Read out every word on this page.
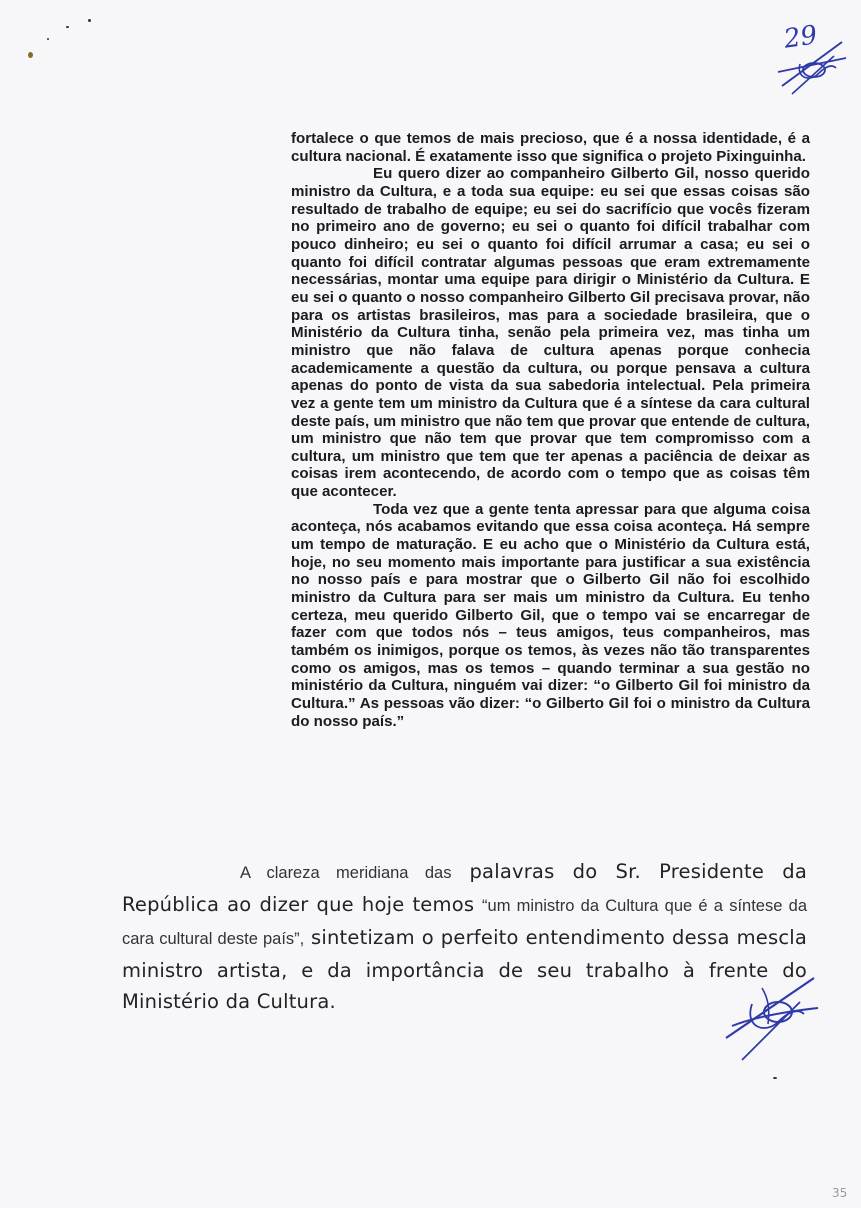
29

fortalece o que temos de mais precioso, que é a nossa identidade, é a cultura nacional. É exatamente isso que significa o projeto Pixinguinha.

Eu quero dizer ao companheiro Gilberto Gil, nosso querido ministro da Cultura, e a toda sua equipe: eu sei que essas coisas são resultado de trabalho de equipe; eu sei do sacrifício que vocês fizeram no primeiro ano de governo; eu sei o quanto foi difícil trabalhar com pouco dinheiro; eu sei o quanto foi difícil arrumar a casa; eu sei o quanto foi difícil contratar algumas pessoas que eram extremamente necessárias, montar uma equipe para dirigir o Ministério da Cultura. E eu sei o quanto o nosso companheiro Gilberto Gil precisava provar, não para os artistas brasileiros, mas para a sociedade brasileira, que o Ministério da Cultura tinha, senão pela primeira vez, mas tinha um ministro que não falava de cultura apenas porque conhecia academicamente a questão da cultura, ou porque pensava a cultura apenas do ponto de vista da sua sabedoria intelectual. Pela primeira vez a gente tem um ministro da Cultura que é a síntese da cara cultural deste país, um ministro que não tem que provar que entende de cultura, um ministro que não tem que provar que tem compromisso com a cultura, um ministro que tem que ter apenas a paciência de deixar as coisas irem acontecendo, de acordo com o tempo que as coisas têm que acontecer.

Toda vez que a gente tenta apressar para que alguma coisa aconteça, nós acabamos evitando que essa coisa aconteça. Há sempre um tempo de maturação. E eu acho que o Ministério da Cultura está, hoje, no seu momento mais importante para justificar a sua existência no nosso país e para mostrar que o Gilberto Gil não foi escolhido ministro da Cultura para ser mais um ministro da Cultura. Eu tenho certeza, meu querido Gilberto Gil, que o tempo vai se encarregar de fazer com que todos nós – teus amigos, teus companheiros, mas também os inimigos, porque os temos, às vezes não tão transparentes como os amigos, mas os temos – quando terminar a sua gestão no ministério da Cultura, ninguém vai dizer: “o Gilberto Gil foi ministro da Cultura.” As pessoas vão dizer: “o Gilberto Gil foi o ministro da Cultura do nosso país.”

A clareza meridiana das palavras do Sr. Presidente da República ao dizer que hoje temos “um ministro da Cultura que é a síntese da cara cultural deste país”, sintetizam o perfeito entendimento dessa mescla ministro artista, e da importância de seu trabalho à frente do Ministério da Cultura.
35
